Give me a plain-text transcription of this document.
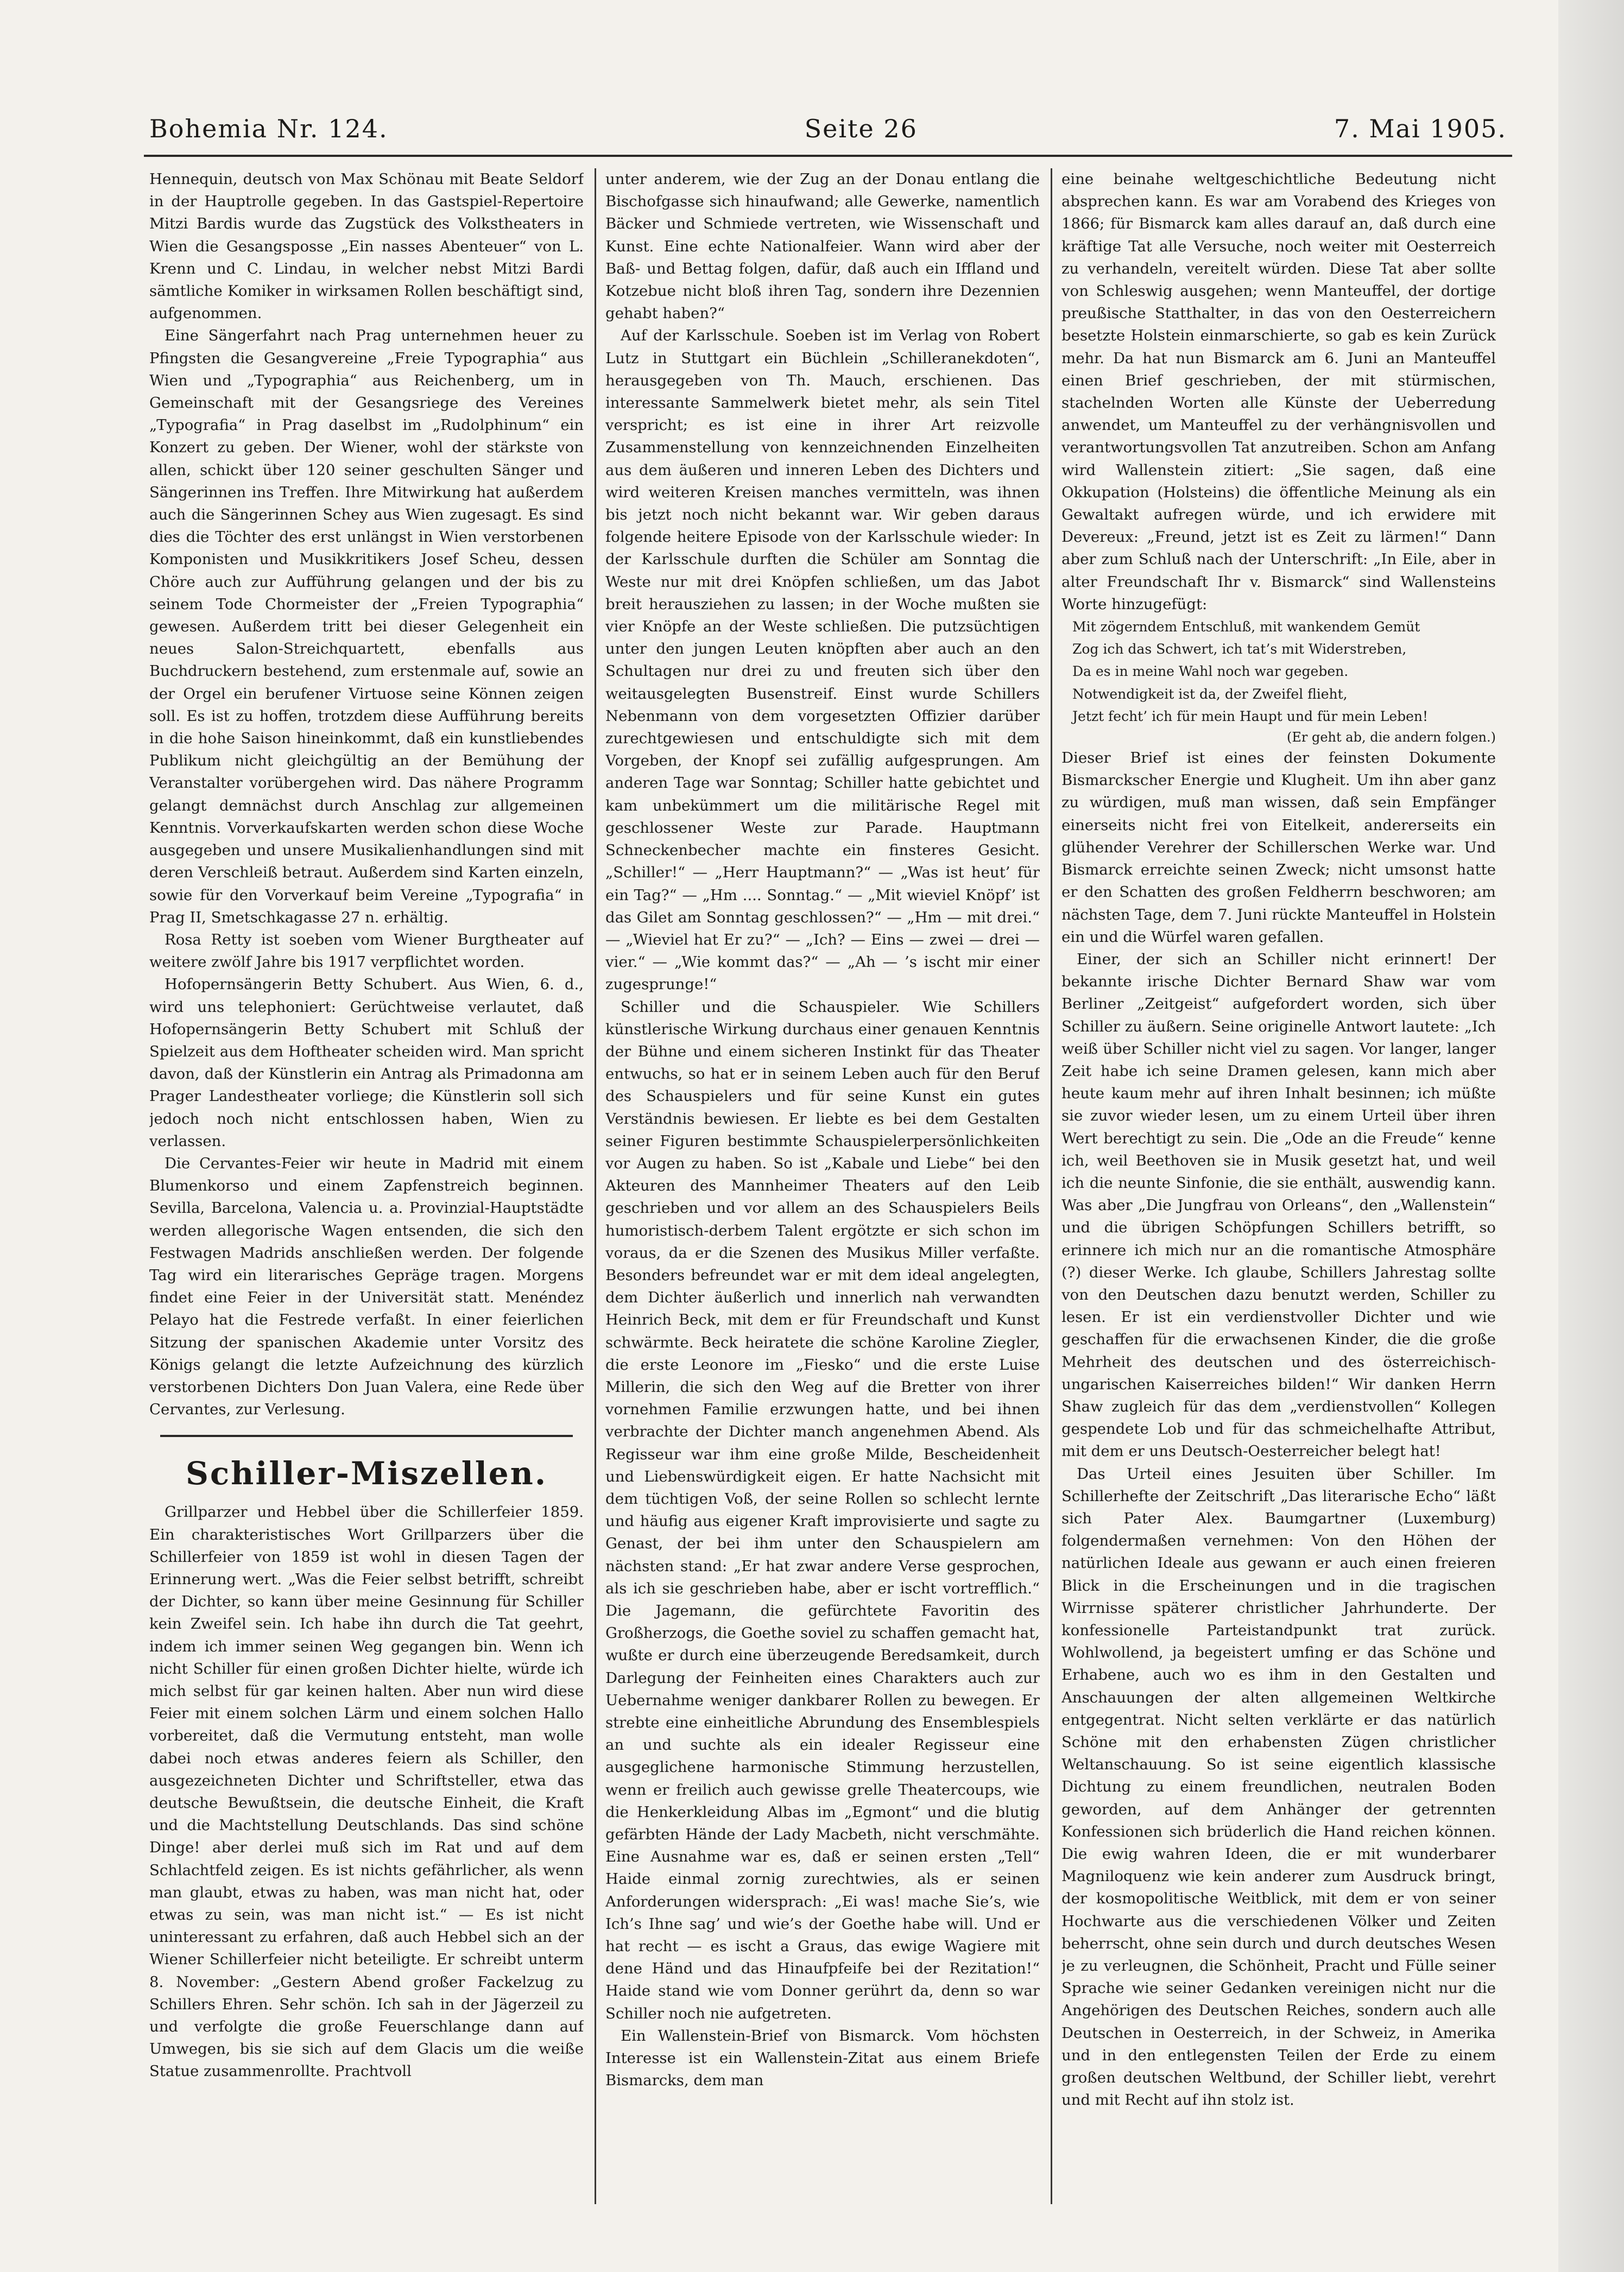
Bohemia Nr. 124.	Seite 26	7. Mai 1905.

Hennequin, deutsch von Max Schönau mit Beate Seldorf in der Hauptrolle gegeben. In das Gastspiel-Repertoire Mitzi Bardis wurde das Zugstück des Volkstheaters in Wien die Gesangsposse „Ein nasses Abenteuer“ von L. Krenn und C. Lindau, in welcher nebst Mitzi Bardi sämtliche Komiker in wirksamen Rollen beschäftigt sind, aufgenommen.

Eine Sängerfahrt nach Prag unternehmen heuer zu Pfingsten die Gesangvereine „Freie Typographia“ aus Wien und „Typographia“ aus Reichenberg, um in Gemeinschaft mit der Gesangsriege des Vereines „Typografia“ in Prag daselbst im „Rudolphinum“ ein Konzert zu geben. Der Wiener, wohl der stärkste von allen, schickt über 120 seiner geschulten Sänger und Sängerinnen ins Treffen. Ihre Mitwirkung hat außerdem auch die Sängerinnen Schey aus Wien zugesagt. Es sind dies die Töchter des erst unlängst in Wien verstorbenen Komponisten und Musikkritikers Josef Scheu, dessen Chöre auch zur Aufführung gelangen und der bis zu seinem Tode Chormeister der „Freien Typographia“ gewesen. Außerdem tritt bei dieser Gelegenheit ein neues Salon-Streichquartett, ebenfalls aus Buchdruckern bestehend, zum erstenmale auf, sowie an der Orgel ein berufener Virtuose seine Können zeigen soll. Es ist zu hoffen, trotzdem diese Aufführung bereits in die hohe Saison hineinkommt, daß ein kunstliebendes Publikum nicht gleichgültig an der Bemühung der Veranstalter vorübergehen wird. Das nähere Programm gelangt demnächst durch Anschlag zur allgemeinen Kenntnis. Vorverkaufskarten werden schon diese Woche ausgegeben und unsere Musikalienhandlungen sind mit deren Verschleiß betraut. Außerdem sind Karten einzeln, sowie für den Vorverkauf beim Vereine „Typografia“ in Prag II, Smetschkagasse 27 n. erhältig.

Rosa Retty ist soeben vom Wiener Burgtheater auf weitere zwölf Jahre bis 1917 verpflichtet worden.

Hofopernsängerin Betty Schubert. Aus Wien, 6. d., wird uns telephoniert: Gerüchtweise verlautet, daß Hofopernsängerin Betty Schubert mit Schluß der Spielzeit aus dem Hoftheater scheiden wird. Man spricht davon, daß der Künstlerin ein Antrag als Primadonna am Prager Landestheater vorliege; die Künstlerin soll sich jedoch noch nicht entschlossen haben, Wien zu verlassen.

Die Cervantes-Feier wir heute in Madrid mit einem Blumenkorso und einem Zapfenstreich beginnen. Sevilla, Barcelona, Valencia u. a. Provinzial-Hauptstädte werden allegorische Wagen entsenden, die sich den Festwagen Madrids anschließen werden. Der folgende Tag wird ein literarisches Gepräge tragen. Morgens findet eine Feier in der Universität statt. Menéndez Pelayo hat die Festrede verfaßt. In einer feierlichen Sitzung der spanischen Akademie unter Vorsitz des Königs gelangt die letzte Aufzeichnung des kürzlich verstorbenen Dichters Don Juan Valera, eine Rede über Cervantes, zur Verlesung.

Schiller-Miszellen.

Grillparzer und Hebbel über die Schillerfeier 1859. Ein charakteristisches Wort Grillparzers über die Schillerfeier von 1859 ist wohl in diesen Tagen der Erinnerung wert. „Was die Feier selbst betrifft, schreibt der Dichter, so kann über meine Gesinnung für Schiller kein Zweifel sein. Ich habe ihn durch die Tat geehrt, indem ich immer seinen Weg gegangen bin. Wenn ich nicht Schiller für einen großen Dichter hielte, würde ich mich selbst für gar keinen halten. Aber nun wird diese Feier mit einem solchen Lärm und einem solchen Hallo vorbereitet, daß die Vermutung entsteht, man wolle dabei noch etwas anderes feiern als Schiller, den ausgezeichneten Dichter und Schriftsteller, etwa das deutsche Bewußtsein, die deutsche Einheit, die Kraft und die Machtstellung Deutschlands. Das sind schöne Dinge! aber derlei muß sich im Rat und auf dem Schlachtfeld zeigen. Es ist nichts gefährlicher, als wenn man glaubt, etwas zu haben, was man nicht hat, oder etwas zu sein, was man nicht ist.“ — Es ist nicht uninteressant zu erfahren, daß auch Hebbel sich an der Wiener Schillerfeier nicht beteiligte. Er schreibt unterm 8. November: „Gestern Abend großer Fackelzug zu Schillers Ehren. Sehr schön. Ich sah in der Jägerzeil zu und verfolgte die große Feuerschlange dann auf Umwegen, bis sie sich auf dem Glacis um die weiße Statue zusammenrollte. Prachtvoll

unter anderem, wie der Zug an der Donau entlang die Bischofgasse sich hinaufwand; alle Gewerke, namentlich Bäcker und Schmiede vertreten, wie Wissenschaft und Kunst. Eine echte Nationalfeier. Wann wird aber der Baß- und Bettag folgen, dafür, daß auch ein Iffland und Kotzebue nicht bloß ihren Tag, sondern ihre Dezennien gehabt haben?“

Auf der Karlsschule. Soeben ist im Verlag von Robert Lutz in Stuttgart ein Büchlein „Schilleranekdoten“, herausgegeben von Th. Mauch, erschienen. Das interessante Sammelwerk bietet mehr, als sein Titel verspricht; es ist eine in ihrer Art reizvolle Zusammenstellung von kennzeichnenden Einzelheiten aus dem äußeren und inneren Leben des Dichters und wird weiteren Kreisen manches vermitteln, was ihnen bis jetzt noch nicht bekannt war. Wir geben daraus folgende heitere Episode von der Karlsschule wieder: In der Karlsschule durften die Schüler am Sonntag die Weste nur mit drei Knöpfen schließen, um das Jabot breit herausziehen zu lassen; in der Woche mußten sie vier Knöpfe an der Weste schließen. Die putzsüchtigen unter den jungen Leuten knöpften aber auch an den Schultagen nur drei zu und freuten sich über den weitausgelegten Busenstreif. Einst wurde Schillers Nebenmann von dem vorgesetzten Offizier darüber zurechtgewiesen und entschuldigte sich mit dem Vorgeben, der Knopf sei zufällig aufgesprungen. Am anderen Tage war Sonntag; Schiller hatte gebichtet und kam unbekümmert um die militärische Regel mit geschlossener Weste zur Parade. Hauptmann Schneckenbecher machte ein finsteres Gesicht. „Schiller!“ — „Herr Hauptmann?“ — „Was ist heut’ für ein Tag?“ — „Hm .... Sonntag.“ — „Mit wieviel Knöpf’ ist das Gilet am Sonntag geschlossen?“ — „Hm — mit drei.“ — „Wieviel hat Er zu?“ — „Ich? — Eins — zwei — drei — vier.“ — „Wie kommt das?“ — „Ah — ’s ischt mir einer zugesprunge!“

Schiller und die Schauspieler. Wie Schillers künstlerische Wirkung durchaus einer genauen Kenntnis der Bühne und einem sicheren Instinkt für das Theater entwuchs, so hat er in seinem Leben auch für den Beruf des Schauspielers und für seine Kunst ein gutes Verständnis bewiesen. Er liebte es bei dem Gestalten seiner Figuren bestimmte Schauspielerpersönlichkeiten vor Augen zu haben. So ist „Kabale und Liebe“ bei den Akteuren des Mannheimer Theaters auf den Leib geschrieben und vor allem an des Schauspielers Beils humoristisch-derbem Talent ergötzte er sich schon im voraus, da er die Szenen des Musikus Miller verfaßte. Besonders befreundet war er mit dem ideal angelegten, dem Dichter äußerlich und innerlich nah verwandten Heinrich Beck, mit dem er für Freundschaft und Kunst schwärmte. Beck heiratete die schöne Karoline Ziegler, die erste Leonore im „Fiesko“ und die erste Luise Millerin, die sich den Weg auf die Bretter von ihrer vornehmen Familie erzwungen hatte, und bei ihnen verbrachte der Dichter manch angenehmen Abend. Als Regisseur war ihm eine große Milde, Bescheidenheit und Liebenswürdigkeit eigen. Er hatte Nachsicht mit dem tüchtigen Voß, der seine Rollen so schlecht lernte und häufig aus eigener Kraft improvisierte und sagte zu Genast, der bei ihm unter den Schauspielern am nächsten stand: „Er hat zwar andere Verse gesprochen, als ich sie geschrieben habe, aber er ischt vortrefflich.“ Die Jagemann, die gefürchtete Favoritin des Großherzogs, die Goethe soviel zu schaffen gemacht hat, wußte er durch eine überzeugende Beredsamkeit, durch Darlegung der Feinheiten eines Charakters auch zur Uebernahme weniger dankbarer Rollen zu bewegen. Er strebte eine einheitliche Abrundung des Ensemblespiels an und suchte als ein idealer Regisseur eine ausgeglichene harmonische Stimmung herzustellen, wenn er freilich auch gewisse grelle Theatercoups, wie die Henkerkleidung Albas im „Egmont“ und die blutig gefärbten Hände der Lady Macbeth, nicht verschmähte. Eine Ausnahme war es, daß er seinen ersten „Tell“ Haide einmal zornig zurechtwies, als er seinen Anforderungen widersprach: „Ei was! mache Sie’s, wie Ich’s Ihne sag’ und wie’s der Goethe habe will. Und er hat recht — es ischt a Graus, das ewige Wagiere mit dene Händ und das Hinaufpfeife bei der Rezitation!“ Haide stand wie vom Donner gerührt da, denn so war Schiller noch nie aufgetreten.

Ein Wallenstein-Brief von Bismarck. Vom höchsten Interesse ist ein Wallenstein-Zitat aus einem Briefe Bismarcks, dem man

eine beinahe weltgeschichtliche Bedeutung nicht absprechen kann. Es war am Vorabend des Krieges von 1866; für Bismarck kam alles darauf an, daß durch eine kräftige Tat alle Versuche, noch weiter mit Oesterreich zu verhandeln, vereitelt würden. Diese Tat aber sollte von Schleswig ausgehen; wenn Manteuffel, der dortige preußische Statthalter, in das von den Oesterreichern besetzte Holstein einmarschierte, so gab es kein Zurück mehr. Da hat nun Bismarck am 6. Juni an Manteuffel einen Brief geschrieben, der mit stürmischen, stachelnden Worten alle Künste der Ueberredung anwendet, um Manteuffel zu der verhängnisvollen und verantwortungsvollen Tat anzutreiben. Schon am Anfang wird Wallenstein zitiert: „Sie sagen, daß eine Okkupation (Holsteins) die öffentliche Meinung als ein Gewaltakt aufregen würde, und ich erwidere mit Devereux: „Freund, jetzt ist es Zeit zu lärmen!“ Dann aber zum Schluß nach der Unterschrift: „In Eile, aber in alter Freundschaft Ihr v. Bismarck“ sind Wallensteins Worte hinzugefügt:

Mit zögerndem Entschluß, mit wankendem Gemüt

Zog ich das Schwert, ich tat’s mit Widerstreben,

Da es in meine Wahl noch war gegeben.

Notwendigkeit ist da, der Zweifel flieht,

Jetzt fecht’ ich für mein Haupt und für mein Leben!

(Er geht ab, die andern folgen.)

Dieser Brief ist eines der feinsten Dokumente Bismarckscher Energie und Klugheit. Um ihn aber ganz zu würdigen, muß man wissen, daß sein Empfänger einerseits nicht frei von Eitelkeit, andererseits ein glühender Verehrer der Schillerschen Werke war. Und Bismarck erreichte seinen Zweck; nicht umsonst hatte er den Schatten des großen Feldherrn beschworen; am nächsten Tage, dem 7. Juni rückte Manteuffel in Holstein ein und die Würfel waren gefallen.

Einer, der sich an Schiller nicht erinnert! Der bekannte irische Dichter Bernard Shaw war vom Berliner „Zeitgeist“ aufgefordert worden, sich über Schiller zu äußern. Seine originelle Antwort lautete: „Ich weiß über Schiller nicht viel zu sagen. Vor langer, langer Zeit habe ich seine Dramen gelesen, kann mich aber heute kaum mehr auf ihren Inhalt besinnen; ich müßte sie zuvor wieder lesen, um zu einem Urteil über ihren Wert berechtigt zu sein. Die „Ode an die Freude“ kenne ich, weil Beethoven sie in Musik gesetzt hat, und weil ich die neunte Sinfonie, die sie enthält, auswendig kann. Was aber „Die Jungfrau von Orleans“, den „Wallenstein“ und die übrigen Schöpfungen Schillers betrifft, so erinnere ich mich nur an die romantische Atmosphäre (?) dieser Werke. Ich glaube, Schillers Jahrestag sollte von den Deutschen dazu benutzt werden, Schiller zu lesen. Er ist ein verdienstvoller Dichter und wie geschaffen für die erwachsenen Kinder, die die große Mehrheit des deutschen und des österreichisch-ungarischen Kaiserreiches bilden!“ Wir danken Herrn Shaw zugleich für das dem „verdienstvollen“ Kollegen gespendete Lob und für das schmeichelhafte Attribut, mit dem er uns Deutsch-Oesterreicher belegt hat!

Das Urteil eines Jesuiten über Schiller. Im Schillerhefte der Zeitschrift „Das literarische Echo“ läßt sich Pater Alex. Baumgartner (Luxemburg) folgendermaßen vernehmen: Von den Höhen der natürlichen Ideale aus gewann er auch einen freieren Blick in die Erscheinungen und in die tragischen Wirrnisse späterer christlicher Jahrhunderte. Der konfessionelle Parteistandpunkt trat zurück. Wohlwollend, ja begeistert umfing er das Schöne und Erhabene, auch wo es ihm in den Gestalten und Anschauungen der alten allgemeinen Weltkirche entgegentrat. Nicht selten verklärte er das natürlich Schöne mit den erhabensten Zügen christlicher Weltanschauung. So ist seine eigentlich klassische Dichtung zu einem freundlichen, neutralen Boden geworden, auf dem Anhänger der getrennten Konfessionen sich brüderlich die Hand reichen können. Die ewig wahren Ideen, die er mit wunderbarer Magniloquenz wie kein anderer zum Ausdruck bringt, der kosmopolitische Weitblick, mit dem er von seiner Hochwarte aus die verschiedenen Völker und Zeiten beherrscht, ohne sein durch und durch deutsches Wesen je zu verleugnen, die Schönheit, Pracht und Fülle seiner Sprache wie seiner Gedanken vereinigen nicht nur die Angehörigen des Deutschen Reiches, sondern auch alle Deutschen in Oesterreich, in der Schweiz, in Amerika und in den entlegensten Teilen der Erde zu einem großen deutschen Weltbund, der Schiller liebt, verehrt und mit Recht auf ihn stolz ist.
